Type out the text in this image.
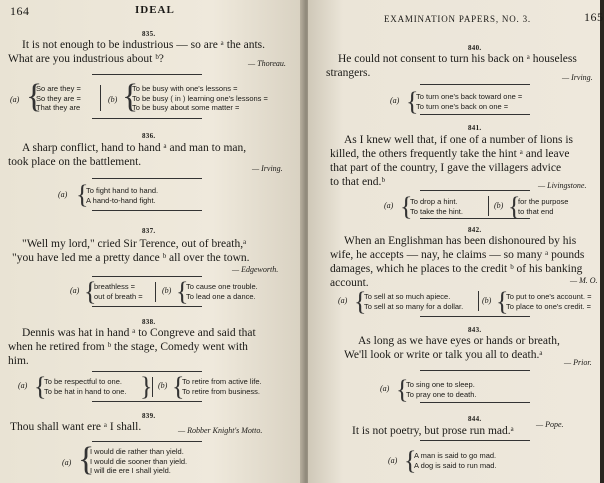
164	IDEAL
835.
It is not enough to be industrious — so are ᵃ the ants.
What are you industrious about ᵇ?	— Thoreau.
(a) {
So are they =
So they are =
That they are
(b) {
To be busy with one's lessons =
To be busy ( in ) learning one's lessons =
To be busy about some matter =
836.
A sharp conflict, hand to hand ᵃ and man to man,
took place on the battlement.
— Irving.
(a) {
To fight hand to hand.
A hand-to-hand fight.
837.
"Well my lord," cried Sir Terence, out of breath,ᵃ
"you have led me a pretty dance ᵇ all over the town.
— Edgeworth.
(a) {
breathless =
out of breath =
(b) {
To cause one trouble.
To lead one a dance.
838.
Dennis was hat in hand ᵃ to Congreve and said that
when he retired from ᵇ the stage, Comedy went with
him.
(a) {
To be respectful to one.
To be hat in hand to one. } (b) {
To retire from active life.
To retire from business.
839.
Thou shall want ere ᵃ I shall.	— Robber Knight's Motto.
(a) {
I would die rather than yield.
I would die sooner than yield.
I will die ere I shall yield.
EXAMINATION PAPERS, NO. 3.	165
840.
He could not consent to turn his back on ᵃ houseless
strangers.	— Irving.
(a) {
To turn one's back toward one =
To turn one's back on one =
841.
As I knew well that, if one of a number of lions is
killed, the others frequently take the hint ᵃ and leave
that part of the country, I gave the villagers advice
to that end.ᵇ	— Livingstone.
(a) {
To drop a hint.
To take the hint.
(b) {
for the purpose
to that end
842.
When an Englishman has been dishonoured by his
wife, he accepts — nay, he claims — so many ᵃ pounds
damages, which he places to the credit ᵇ of his banking
account.	— M. O.
(a) {
To sell at so much apiece.
To sell at so many for a dollar.
(b) {
To put to one's account. =
To place to one's credit. =
843.
As long as we have eyes or hands or breath,
We'll look or write or talk you all to death.ᵃ
— Prior.
(a) {
To sing one to sleep.
To pray one to death.
844.
It is not poetry, but prose run mad.ᵃ
— Pope.
(a) {
A man is said to go mad.
A dog is said to run mad.
